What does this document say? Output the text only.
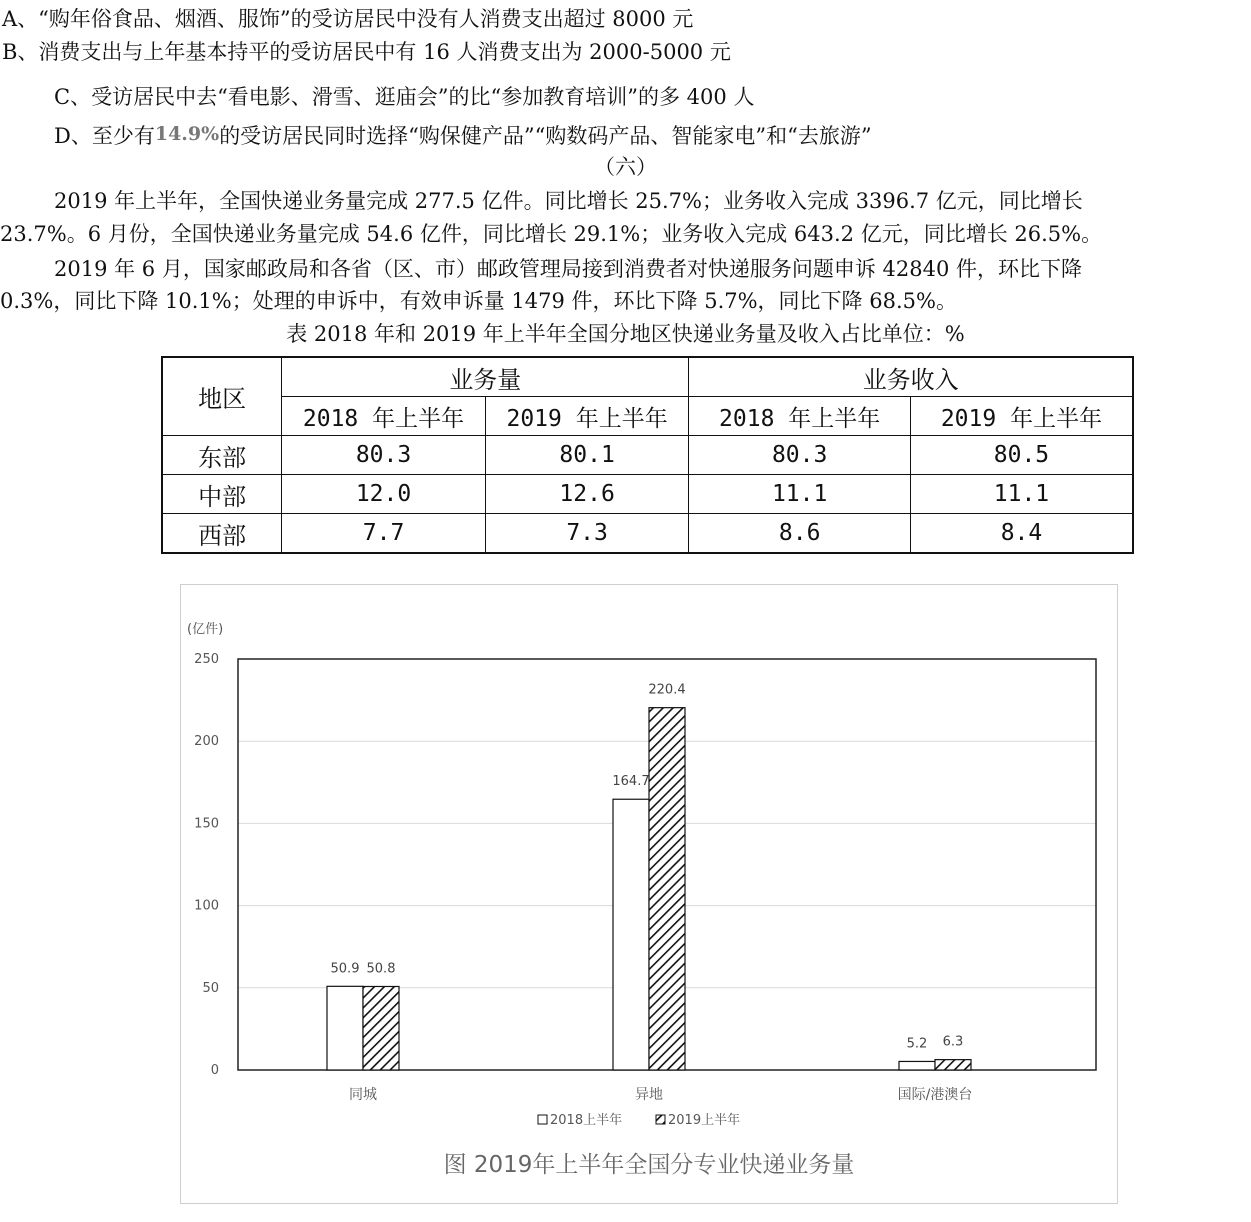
A、“购年俗食品、烟酒、服饰”的受访居民中没有人消费支出超过 8000 元
B、消费支出与上年基本持平的受访居民中有 16 人消费支出为 2000-5000 元
C、受访居民中去“看电影、滑雪、逛庙会”的比“参加教育培训”的多 400 人
D、至少有14.9%的受访居民同时选择“购保健产品”“购数码产品、智能家电”和“去旅游”
（六）
2019 年上半年，全国快递业务量完成 277.5 亿件。同比增长 25.7%；业务收入完成 3396.7 亿元，同比增长
23.7%。6 月份，全国快递业务量完成 54.6 亿件，同比增长 29.1%；业务收入完成 643.2 亿元，同比增长 26.5%。
2019 年 6 月，国家邮政局和各省（区、市）邮政管理局接到消费者对快递服务问题申诉 42840 件，环比下降
0.3%，同比下降 10.1%；处理的申诉中，有效申诉量 1479 件，环比下降 5.7%，同比下降 68.5%。
表 2018 年和 2019 年上半年全国分地区快递业务量及收入占比单位：%
地区	业务量		业务收入	
	2018 年上半年	2019 年上半年	2018 年上半年	2019 年上半年
东部	80.3	80.1	80.3	80.5
中部	12.0	12.6	11.1	11.1
西部	7.7	7.3	8.6	8.4
0
50
100
150
200
250
50.9 50.8
同城
164.7
220.4
异地
5.2 6.3
国际/港澳台
(亿件)
2018上半年	2019上半年
图 2019年上半年全国分专业快递业务量
